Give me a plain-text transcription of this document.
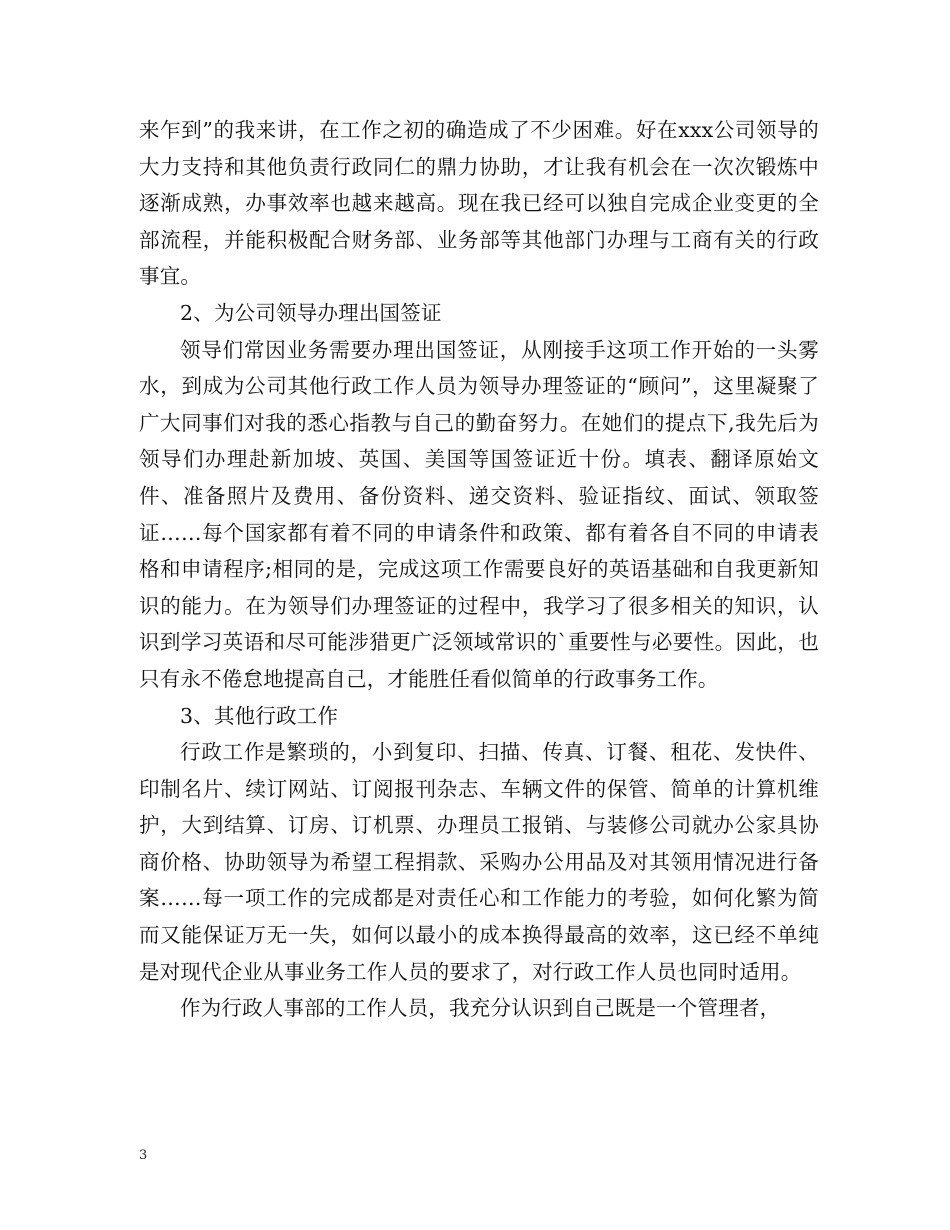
来乍到”的我来讲，在工作之初的确造成了不少困难。好在xxx公司领导的大力支持和其他负责行政同仁的鼎力协助，才让我有机会在一次次锻炼中逐渐成熟，办事效率也越来越高。现在我已经可以独自完成企业变更的全部流程，并能积极配合财务部、业务部等其他部门办理与工商有关的行政事宜。

2、为公司领导办理出国签证

领导们常因业务需要办理出国签证，从刚接手这项工作开始的一头雾水，到成为公司其他行政工作人员为领导办理签证的“顾问”，这里凝聚了广大同事们对我的悉心指教与自己的勤奋努力。在她们的提点下,我先后为领导们办理赴新加坡、英国、美国等国签证近十份。填表、翻译原始文件、准备照片及费用、备份资料、递交资料、验证指纹、面试、领取签证……每个国家都有着不同的申请条件和政策、都有着各自不同的申请表格和申请程序;相同的是，完成这项工作需要良好的英语基础和自我更新知识的能力。在为领导们办理签证的过程中，我学习了很多相关的知识，认识到学习英语和尽可能涉猎更广泛领域常识的`重要性与必要性。因此，也只有永不倦怠地提高自己，才能胜任看似简单的行政事务工作。

3、其他行政工作

行政工作是繁琐的，小到复印、扫描、传真、订餐、租花、发快件、印制名片、续订网站、订阅报刊杂志、车辆文件的保管、简单的计算机维护，大到结算、订房、订机票、办理员工报销、与装修公司就办公家具协商价格、协助领导为希望工程捐款、采购办公用品及对其领用情况进行备案……每一项工作的完成都是对责任心和工作能力的考验，如何化繁为简而又能保证万无一失，如何以最小的成本换得最高的效率，这已经不单纯是对现代企业从事业务工作人员的要求了，对行政工作人员也同时适用。

作为行政人事部的工作人员，我充分认识到自己既是一个管理者，

3
